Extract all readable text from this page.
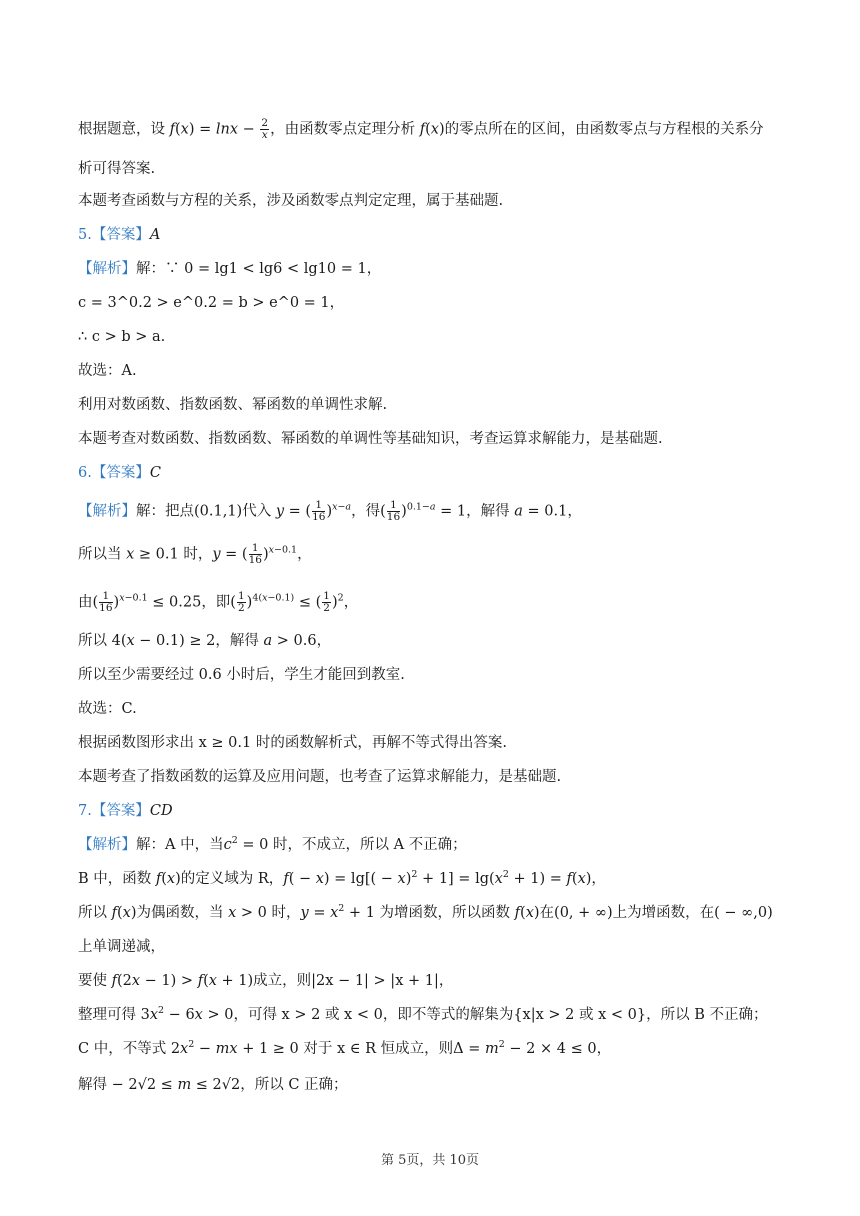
根据题意，设 $f(x) = \ln x - \frac{2}{x}$ ，由函数零点定理分析 f(x)的零点所在的区间，由函数零点与方程根的关系分
析可得答案.
本题考查函数与方程的关系，涉及函数零点判定定理，属于基础题.
5.【答案】A
【解析】解：∵ 0 = lg1 < lg6 < lg10 = 1，
c = 3^0.2 > e^0.2 = b > e^0 = 1，
∴ c > b > a.
故选：A.
利用对数函数、指数函数、幂函数的单调性求解.
本题考查对数函数、指数函数、幂函数的单调性等基础知识，考查运算求解能力，是基础题.
6.【答案】C
【解析】解：把点(0.1,1)代入 y = ( $\frac{1}{16} )^{x-a}$，得( $\frac{1}{16} )^{0.1-a} = 1$，解得 a = 0.1，
所以当 x ≥ 0.1 时，y = ( $\frac{1}{16} )^{x-0.1}$，
由( $\frac{1}{16} )^{x-0.1} \le 0.25$，即( $\frac{1}{2} )^{4(x-0.1)}$ ≤ ( $\frac{1}{2} )^2$，
所以 4(x − 0.1) ≥ 2，解得 a > 0.6，
所以至少需要经过 0.6 小时后，学生才能回到教室.
故选：C.
根据函数图形求出 x ≥ 0.1 时的函数解析式，再解不等式得出答案.
本题考查了指数函数的运算及应用问题，也考查了运算求解能力，是基础题.
7.【答案】CD
【解析】解：A 中，当$c^2 = 0$ 时，不成立，所以 A 不正确；
B 中，函数 f(x)的定义域为 R，$f( - x) = \lg[( - x)^2 + 1] = \lg(x^2 + 1) = f(x)$，
所以 f(x)为偶函数，当 x > 0 时，$y = x^2 + 1$ 为增函数，所以函数 f(x)在(0, + ∞)上为增函数，在( − ∞,0)
上单调递减，
要使 f(2x − 1) > f(x + 1)成立，则|2x − 1| > |x + 1|，
整理可得 $3x^2 - 6x > 0$，可得 x > 2 或 x < 0，即不等式的解集为{x|x > 2 或 x < 0}，所以 B 不正确；
C 中，不等式 $2x^2$ − mx + 1 ≥ 0 对于 x ∈ R 恒成立，则$\Delta = m^2 - 2 \times 4 \le 0$，
解得 − 2√2 ≤ m ≤ 2√2，所以 C 正确；
第 5页，共 10页
